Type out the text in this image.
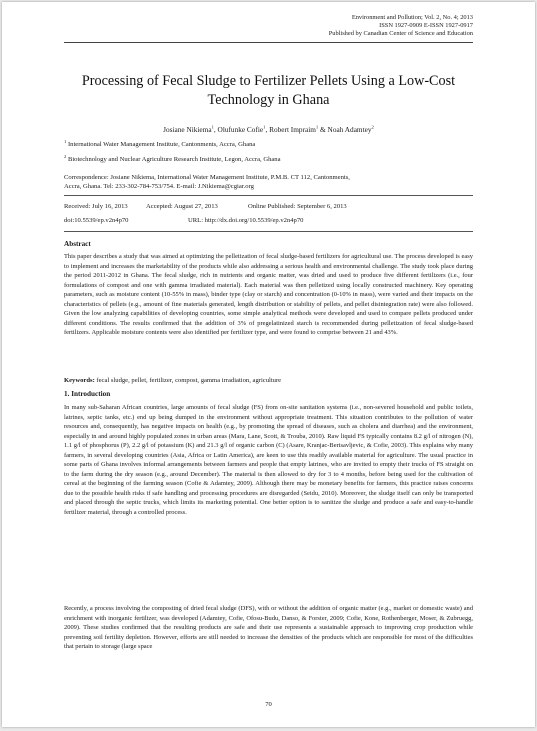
Environment and Pollution; Vol. 2, No. 4; 2013
ISSN 1927-0909 E-ISSN 1927-0917
Published by Canadian Center of Science and Education
Processing of Fecal Sludge to Fertilizer Pellets Using a Low-Cost
Technology in Ghana
Josiane Nikiema$^1$, Olufunke Cofie$^1$, Robert Impraim$^1$ & Noah Adamtey$^2$
$^1$ International Water Management Institute, Cantonments, Accra, Ghana
$^2$ Biotechnology and Nuclear Agriculture Research Institute, Legon, Accra, Ghana
Correspondence: Josiane Nikiema, International Water Management Institute, P.M.B. CT 112, Cantonments,
Accra, Ghana. Tel: 233-302-784-753/754. E-mail: J.Nikiema@cgiar.org
Received: July 16, 2013	Accepted: August 27, 2013	Online Published: September 6, 2013
doi:10.5539/ep.v2n4p70	URL: http://dx.doi.org/10.5539/ep.v2n4p70
Abstract

This paper describes a study that was aimed at optimizing the pelletization of fecal sludge-based fertilizers for agricultural use. The process developed is easy to implement and increases the marketability of the products while also addressing a serious health and environmental challenge. The study took place during the period 2011-2012 in Ghana. The fecal sludge, rich in nutrients and organic matter, was dried and used to produce five different fertilizers (i.e., four formulations of compost and one with gamma irradiated material). Each material was then pelletized using locally constructed machinery. Key operating parameters, such as moisture content (10-55% in mass), binder type (clay or starch) and concentration (0-10% in mass), were varied and their impacts on the characteristics of pellets (e.g., amount of fine materials generated, length distribution or stability of pellets, and pellet disintegration rate) were also followed. Given the low analyzing capabilities of developing countries, some simple analytical methods were developed and used to compare pellets produced under different conditions. The results confirmed that the addition of 3% of pregelatinized starch is recommended during pelletization of fecal sludge-based fertilizers. Applicable moisture contents were also identified per fertilizer type, and were found to comprise between 21 and 43%.

Keywords: fecal sludge, pellet, fertilizer, compost, gamma irradiation, agriculture
1. Introduction

In many sub-Saharan African countries, large amounts of fecal sludge (FS) from on-site sanitation systems (i.e., non-severed household and public toilets, latrines, septic tanks, etc.) end up being dumped in the environment without appropriate treatment. This situation contributes to the pollution of water resources and, consequently, has negative impacts on health (e.g., by promoting the spread of diseases, such as cholera and diarrhea) and the environment, especially in and around highly populated zones in urban areas (Mara, Lane, Scott, & Trouba, 2010). Raw liquid FS typically contains 8.2 g/l of nitrogen (N), 1.1 g/l of phosphorus (P), 2.2 g/l of potassium (K) and 21.3 g/l of organic carbon (C) (Asare, Kranjac-Berisavljevic, & Cofie, 2003). This explains why many farmers, in several developing countries (Asia, Africa or Latin America), are keen to use this readily available material for agriculture. The usual practice in some parts of Ghana involves informal arrangements between farmers and people that empty latrines, who are invited to empty their trucks of FS straight on to the farm during the dry season (e.g., around December). The material is then allowed to dry for 3 to 4 months, before being used for the cultivation of cereal at the beginning of the farming season (Cofie & Adamtey, 2009). Although there may be monetary benefits for farmers, this practice raises concerns due to the possible health risks if safe handling and processing procedures are disregarded (Seidu, 2010). Moreover, the sludge itself can only be transported and placed through the septic trucks, which limits its marketing potential. One better option is to sanitize the sludge and produce a safe and easy-to-handle fertilizer material, through a controlled process.

Recently, a process involving the composting of dried fecal sludge (DFS), with or without the addition of organic matter (e.g., market or domestic waste) and enrichment with inorganic fertilizer, was developed (Adamtey, Cofie, Ofosu-Budu, Danso, & Forster, 2009; Cofie, Kone, Rothenberger, Moser, & Zubruegg, 2009). These studies confirmed that the resulting products are safe and their use represents a sustainable approach to improving crop production while preventing soil fertility depletion. However, efforts are still needed to increase the densities of the products which are responsible for most of the difficulties that pertain to storage (large space

70
